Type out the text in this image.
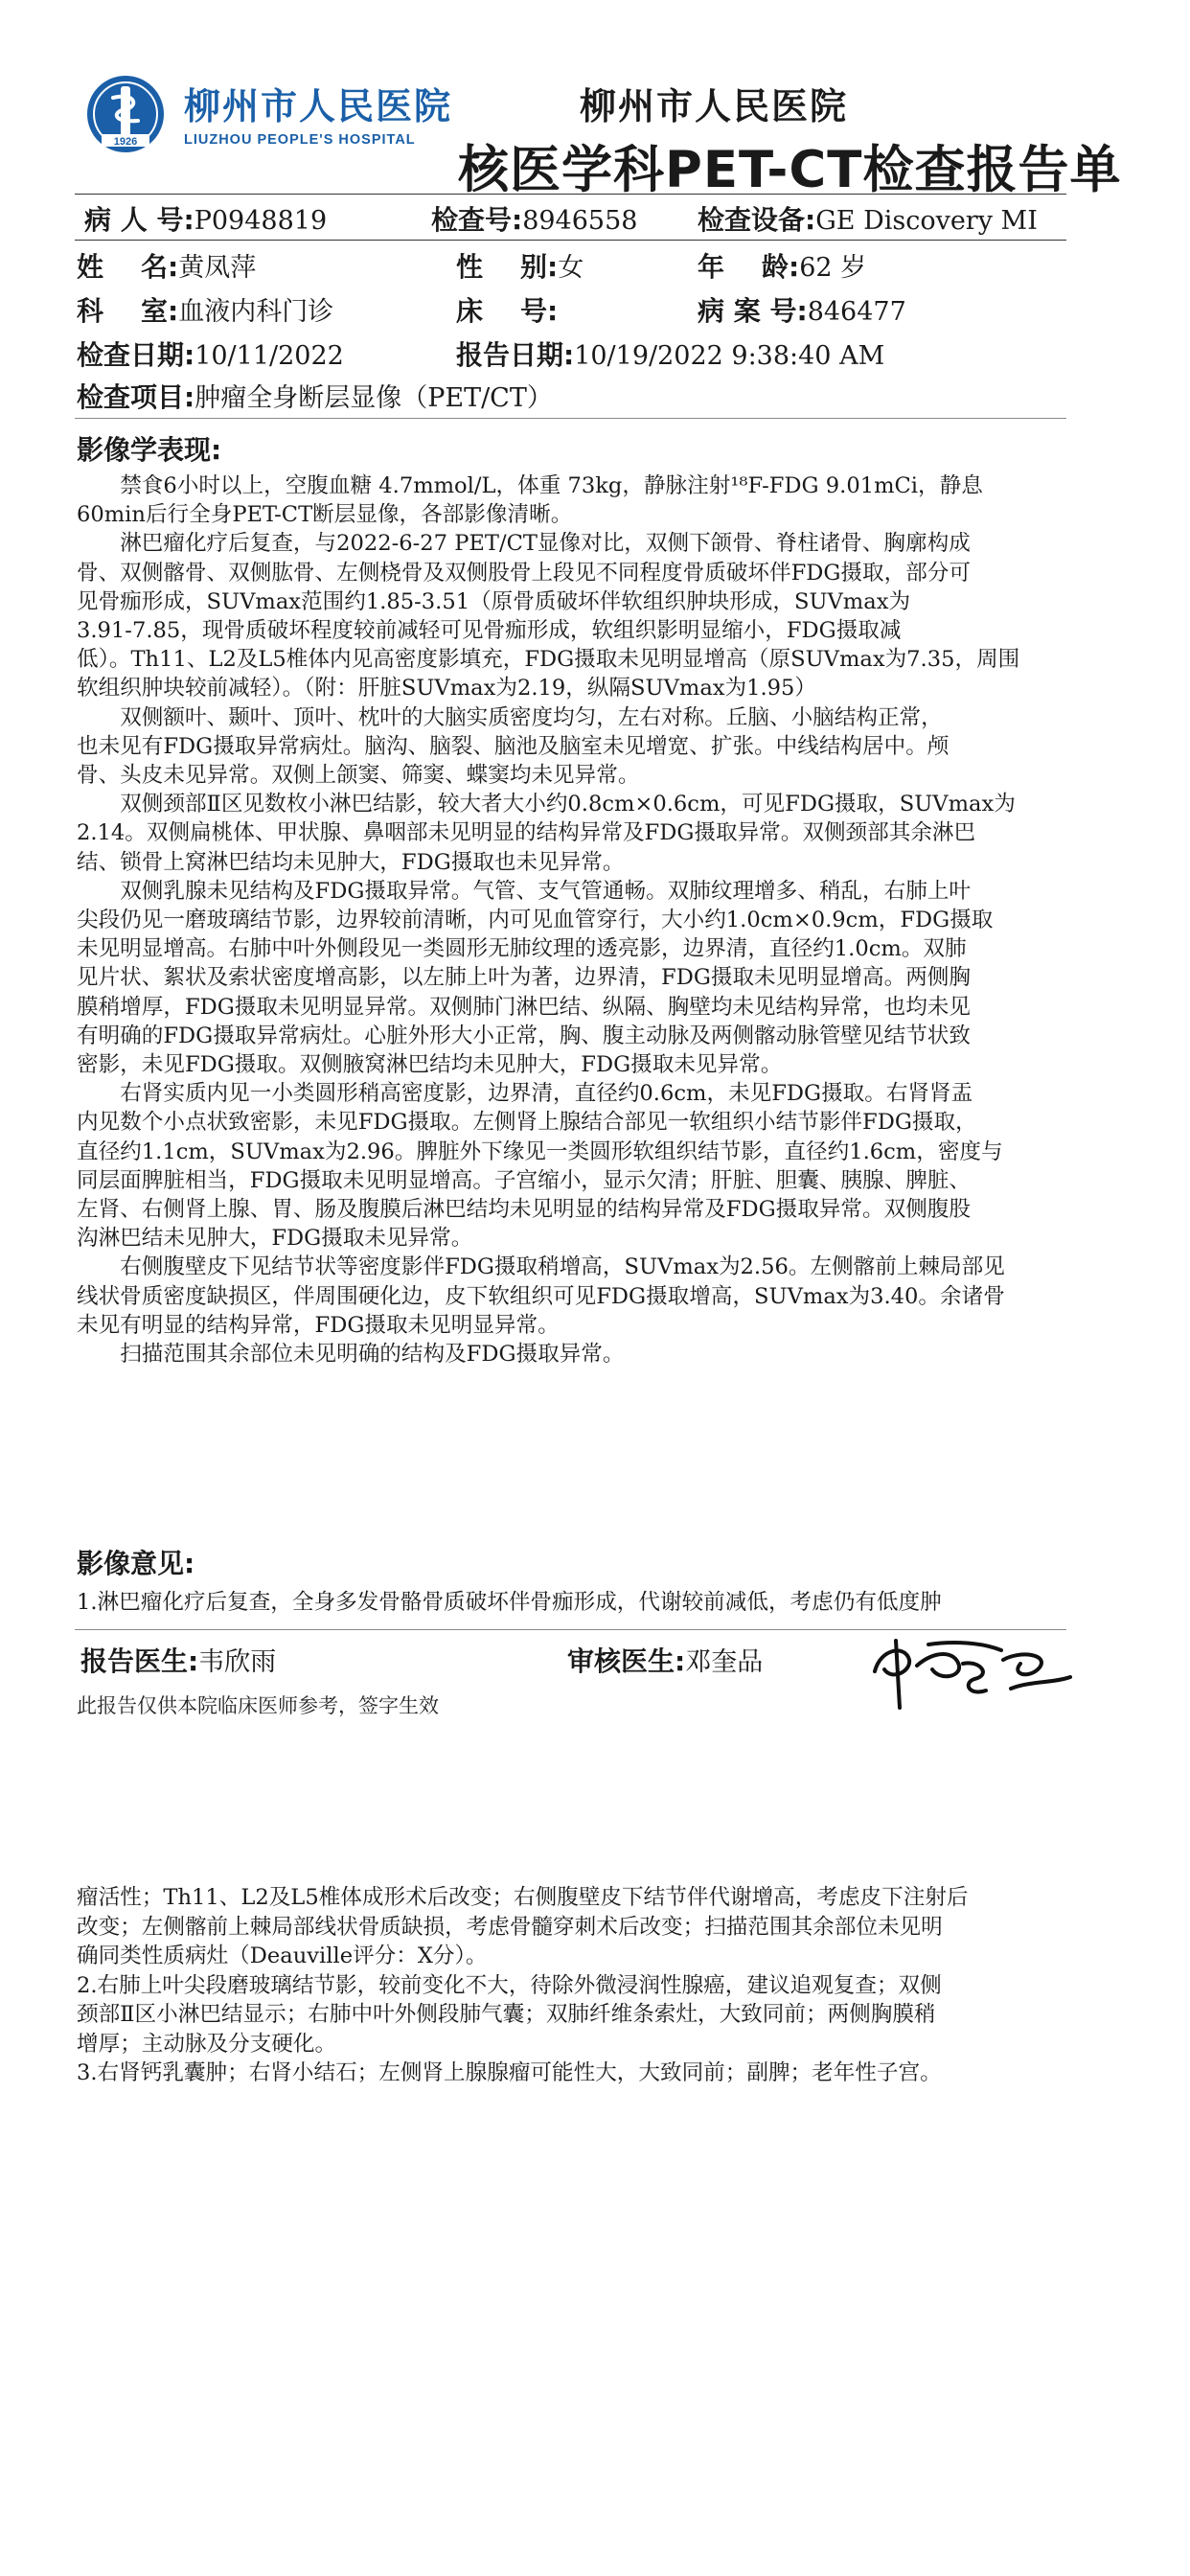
1926
柳州市人民医院
LIUZHOU PEOPLE'S HOSPITAL
柳州市人民医院
核医学科PET-CT检查报告单
病 人 号:P0948819	检查号:8946558 检查设备:GE Discovery MI
姓    名:黄凤萍	性    别:女	年    龄:62 岁
科    室:血液内科门诊	床    号:	病 案 号:846477
检查日期:10/11/2022	报告日期:10/19/2022 9:38:40 AM
检查项目:肿瘤全身断层显像（PET/CT）
影像学表现:
禁食6小时以上，空腹血糖 4.7mmol/L，体重 73kg，静脉注射¹⁸F-FDG 9.01mCi，静息
60min后行全身PET-CT断层显像，各部影像清晰。
淋巴瘤化疗后复查，与2022-6-27 PET/CT显像对比，双侧下颌骨、脊柱诸骨、胸廓构成
骨、双侧髂骨、双侧肱骨、左侧桡骨及双侧股骨上段见不同程度骨质破坏伴FDG摄取，部分可
见骨痂形成，SUVmax范围约1.85-3.51（原骨质破坏伴软组织肿块形成，SUVmax为
3.91-7.85，现骨质破坏程度较前减轻可见骨痂形成，软组织影明显缩小，FDG摄取减
低）。Th11、L2及L5椎体内见高密度影填充，FDG摄取未见明显增高（原SUVmax为7.35，周围
软组织肿块较前减轻）。（附：肝脏SUVmax为2.19，纵隔SUVmax为1.95）
双侧额叶、颞叶、顶叶、枕叶的大脑实质密度均匀，左右对称。丘脑、小脑结构正常，
也未见有FDG摄取异常病灶。脑沟、脑裂、脑池及脑室未见增宽、扩张。中线结构居中。颅
骨、头皮未见异常。双侧上颌窦、筛窦、蝶窦均未见异常。
双侧颈部Ⅱ区见数枚小淋巴结影，较大者大小约0.8cm×0.6cm，可见FDG摄取，SUVmax为
2.14。双侧扁桃体、甲状腺、鼻咽部未见明显的结构异常及FDG摄取异常。双侧颈部其余淋巴
结、锁骨上窝淋巴结均未见肿大，FDG摄取也未见异常。
双侧乳腺未见结构及FDG摄取异常。气管、支气管通畅。双肺纹理增多、稍乱，右肺上叶
尖段仍见一磨玻璃结节影，边界较前清晰，内可见血管穿行，大小约1.0cm×0.9cm，FDG摄取
未见明显增高。右肺中叶外侧段见一类圆形无肺纹理的透亮影，边界清，直径约1.0cm。双肺
见片状、絮状及索状密度增高影，以左肺上叶为著，边界清，FDG摄取未见明显增高。两侧胸
膜稍增厚，FDG摄取未见明显异常。双侧肺门淋巴结、纵隔、胸壁均未见结构异常，也均未见
有明确的FDG摄取异常病灶。心脏外形大小正常，胸、腹主动脉及两侧髂动脉管壁见结节状致
密影，未见FDG摄取。双侧腋窝淋巴结均未见肿大，FDG摄取未见异常。
右肾实质内见一小类圆形稍高密度影，边界清，直径约0.6cm，未见FDG摄取。右肾肾盂
内见数个小点状致密影，未见FDG摄取。左侧肾上腺结合部见一软组织小结节影伴FDG摄取，
直径约1.1cm，SUVmax为2.96。脾脏外下缘见一类圆形软组织结节影，直径约1.6cm，密度与
同层面脾脏相当，FDG摄取未见明显增高。子宫缩小，显示欠清；肝脏、胆囊、胰腺、脾脏、
左肾、右侧肾上腺、胃、肠及腹膜后淋巴结均未见明显的结构异常及FDG摄取异常。双侧腹股
沟淋巴结未见肿大，FDG摄取未见异常。
右侧腹壁皮下见结节状等密度影伴FDG摄取稍增高，SUVmax为2.56。左侧髂前上棘局部见
线状骨质密度缺损区，伴周围硬化边，皮下软组织可见FDG摄取增高，SUVmax为3.40。余诸骨
未见有明显的结构异常，FDG摄取未见明显异常。
扫描范围其余部位未见明确的结构及FDG摄取异常。
影像意见:
1.淋巴瘤化疗后复查，全身多发骨骼骨质破坏伴骨痂形成，代谢较前减低，考虑仍有低度肿
报告医生:韦欣雨	审核医生:邓奎品
此报告仅供本院临床医师参考，签字生效
瘤活性；Th11、L2及L5椎体成形术后改变；右侧腹壁皮下结节伴代谢增高，考虑皮下注射后
改变；左侧髂前上棘局部线状骨质缺损，考虑骨髓穿刺术后改变；扫描范围其余部位未见明
确同类性质病灶（Deauville评分：X分）。
2.右肺上叶尖段磨玻璃结节影，较前变化不大，待除外微浸润性腺癌，建议追观复查；双侧
颈部Ⅱ区小淋巴结显示；右肺中叶外侧段肺气囊；双肺纤维条索灶，大致同前；两侧胸膜稍
增厚；主动脉及分支硬化。
3.右肾钙乳囊肿；右肾小结石；左侧肾上腺腺瘤可能性大，大致同前；副脾；老年性子宫。
